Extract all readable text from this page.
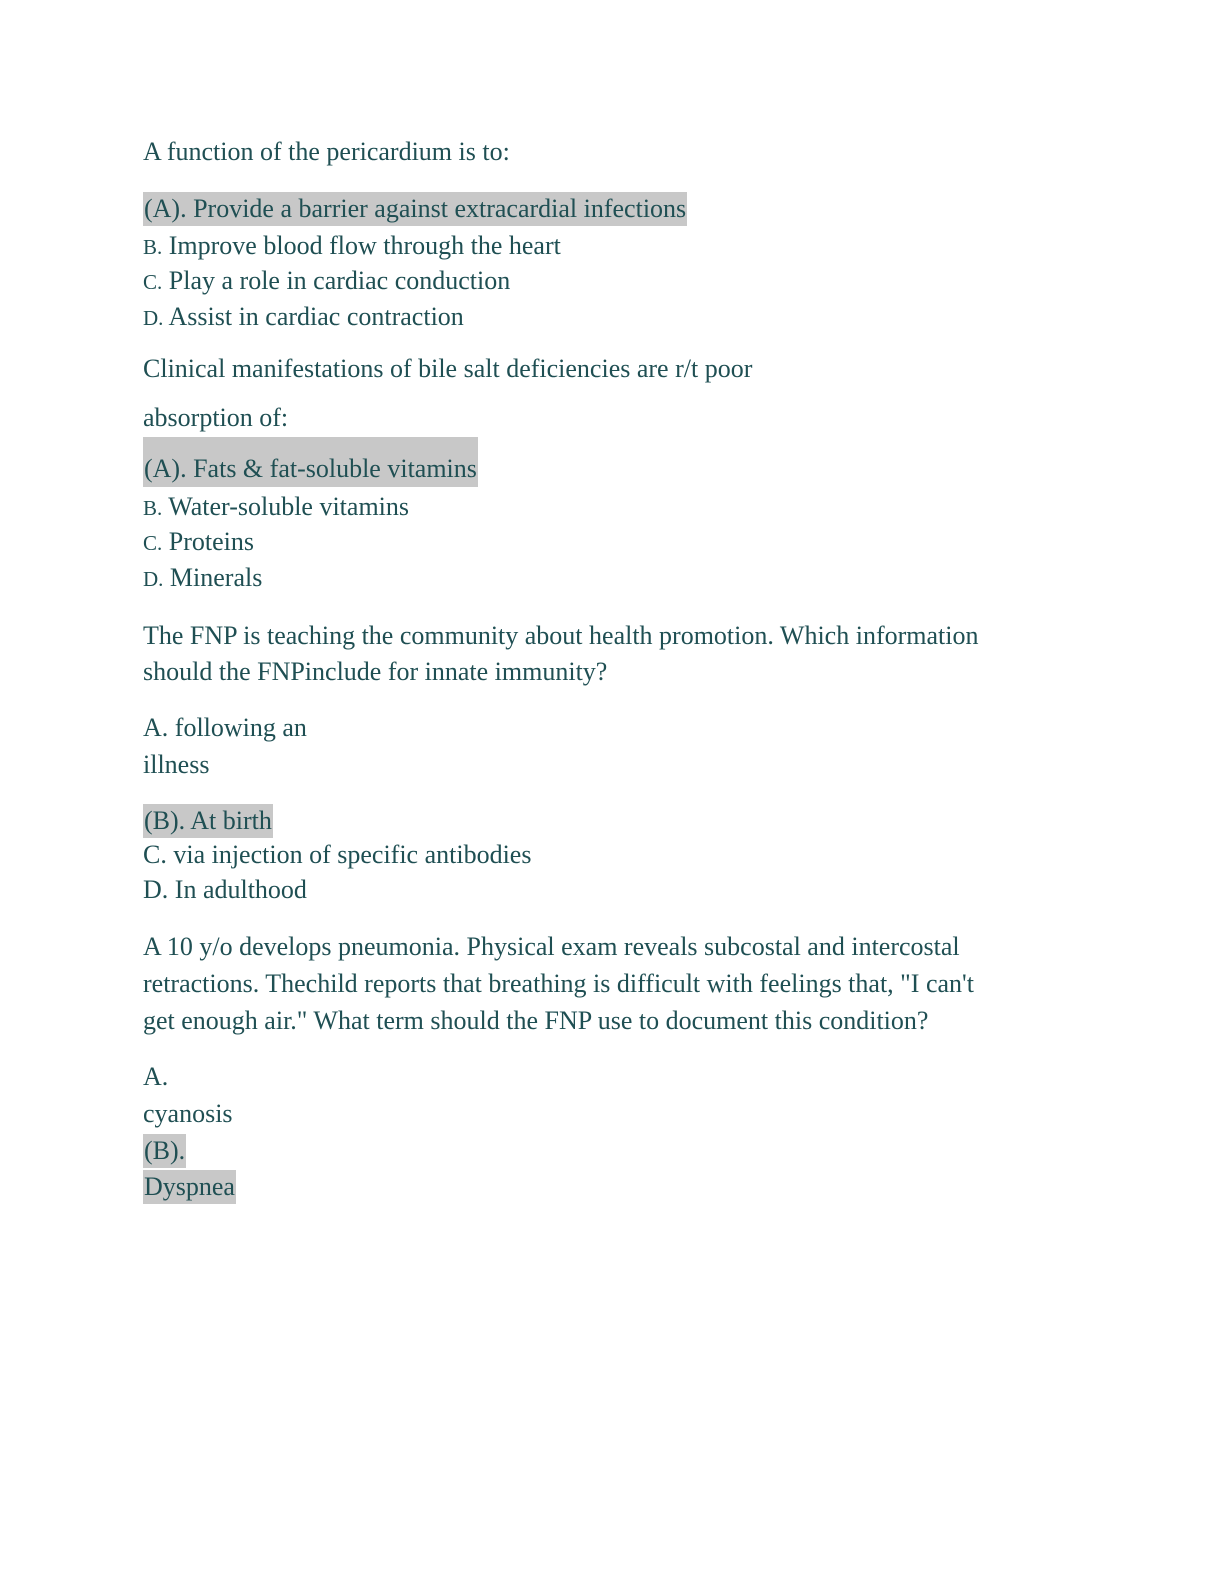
A function of the pericardium is to:
(A). Provide a barrier against extracardial infections
B. Improve blood flow through the heart
C. Play a role in cardiac conduction
D. Assist in cardiac contraction
Clinical manifestations of bile salt deficiencies are r/t poor
absorption of:
(A). Fats & fat-soluble vitamins
B. Water-soluble vitamins
C. Proteins
D. Minerals
The FNP is teaching the community about health promotion. Which information
should the FNPinclude for innate immunity?
A. following an
illness
(B). At birth
C. via injection of specific antibodies
D. In adulthood
A 10 y/o develops pneumonia. Physical exam reveals subcostal and intercostal
retractions. Thechild reports that breathing is difficult with feelings that, "I can't
get enough air." What term should the FNP use to document this condition?
A.
cyanosis
(B).
Dyspnea
